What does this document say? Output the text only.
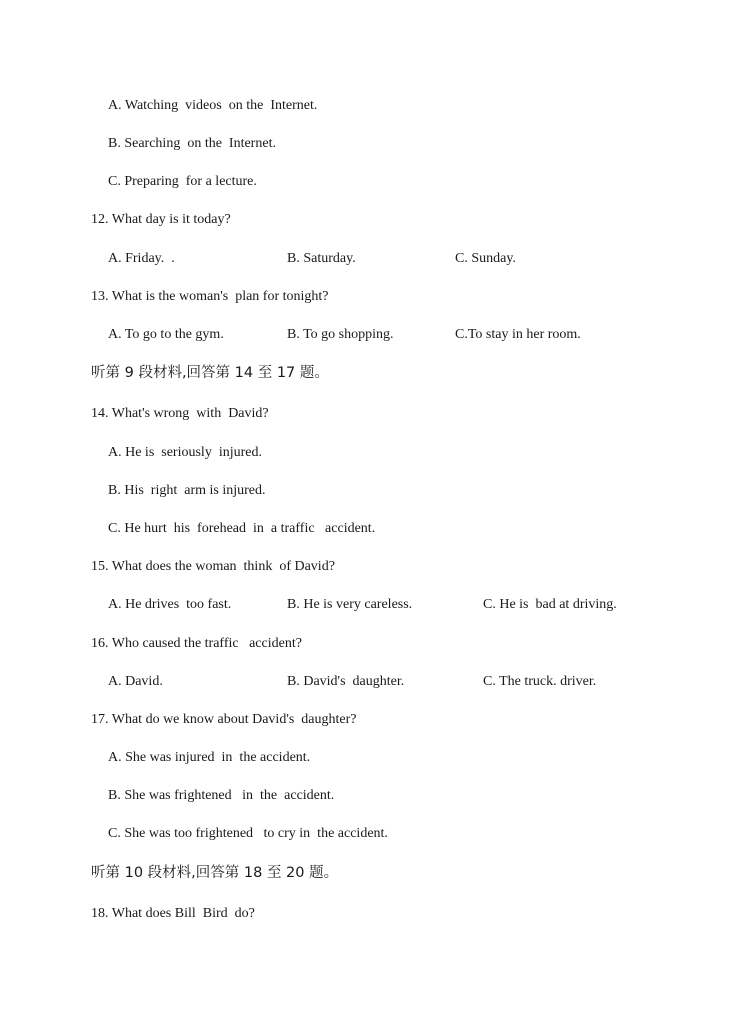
A. Watching  videos  on the  Internet.
B. Searching  on the  Internet.
C. Preparing  for a lecture.
12. What day is it today?
A. Friday.  .	B. Saturday.	C. Sunday.
13. What is the woman's  plan for tonight?
A. To go to the gym.	B. To go shopping.	C.To stay in her room.
听第 9 段材料,回答第 14 至 17 题。
14. What's wrong  with  David?
A. He is  seriously  injured.
B. His  right  arm is injured.
C. He hurt  his  forehead  in  a traffic   accident.
15. What does the woman  think  of David?
A. He drives  too fast.	B. He is very careless.	C. He is  bad at driving.
16. Who caused the traffic   accident?
A. David.	B. David's  daughter.	C. The truck. driver.
17. What do we know about David's  daughter?
A. She was injured  in  the accident.
B. She was frightened   in  the  accident.
C. She was too frightened   to cry in  the accident.
听第 10 段材料,回答第 18 至 20 题。
18. What does Bill  Bird  do?
